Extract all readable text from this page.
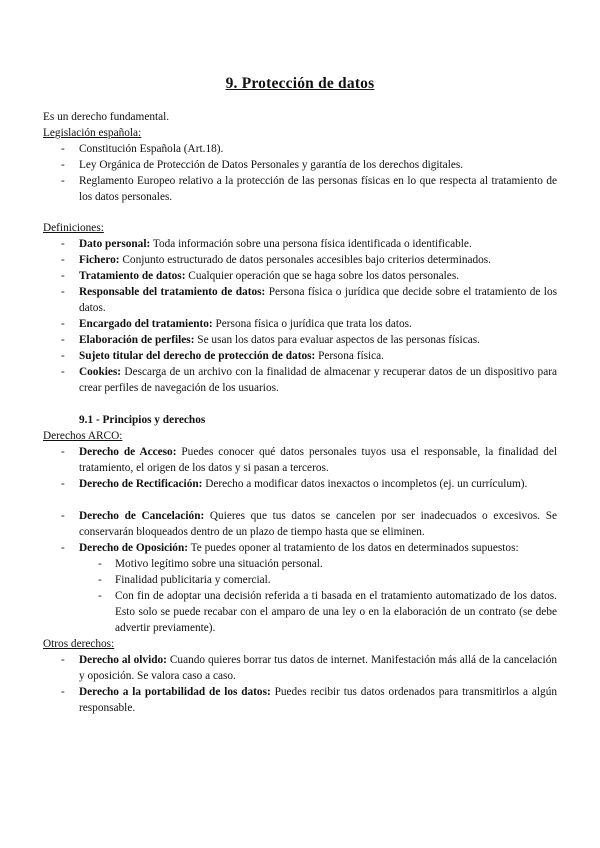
9. Protección de datos
Es un derecho fundamental.
Legislación española:
- Constitución Española (Art.18).
- Ley Orgánica de Protección de Datos Personales y garantía de los derechos digitales.
- Reglamento Europeo relativo a la protección de las personas físicas en lo que respecta al tratamiento de los datos personales.
Definiciones:
- Dato personal: Toda información sobre una persona física identificada o identificable.
- Fichero: Conjunto estructurado de datos personales accesibles bajo criterios determinados.
- Tratamiento de datos: Cualquier operación que se haga sobre los datos personales.
- Responsable del tratamiento de datos: Persona física o jurídica que decide sobre el tratamiento de los datos.
- Encargado del tratamiento: Persona física o jurídica que trata los datos.
- Elaboración de perfiles: Se usan los datos para evaluar aspectos de las personas físicas.
- Sujeto titular del derecho de protección de datos: Persona física.
- Cookies: Descarga de un archivo con la finalidad de almacenar y recuperar datos de un dispositivo para crear perfiles de navegación de los usuarios.
9.1 - Principios y derechos
Derechos ARCO:
- Derecho de Acceso: Puedes conocer qué datos personales tuyos usa el responsable, la finalidad del tratamiento, el origen de los datos y si pasan a terceros.
- Derecho de Rectificación: Derecho a modificar datos inexactos o incompletos (ej. un currículum).
- Derecho de Cancelación: Quieres que tus datos se cancelen por ser inadecuados o excesivos. Se conservarán bloqueados dentro de un plazo de tiempo hasta que se eliminen.
- Derecho de Oposición: Te puedes oponer al tratamiento de los datos en determinados supuestos:
- Motivo legítimo sobre una situación personal.
- Finalidad publicitaria y comercial.
- Con fin de adoptar una decisión referida a ti basada en el tratamiento automatizado de los datos. Esto solo se puede recabar con el amparo de una ley o en la elaboración de un contrato (se debe advertir previamente).
Otros derechos:
- Derecho al olvido: Cuando quieres borrar tus datos de internet. Manifestación más allá de la cancelación y oposición. Se valora caso a caso.
- Derecho a la portabilidad de los datos: Puedes recibir tus datos ordenados para transmitirlos a algún responsable.
